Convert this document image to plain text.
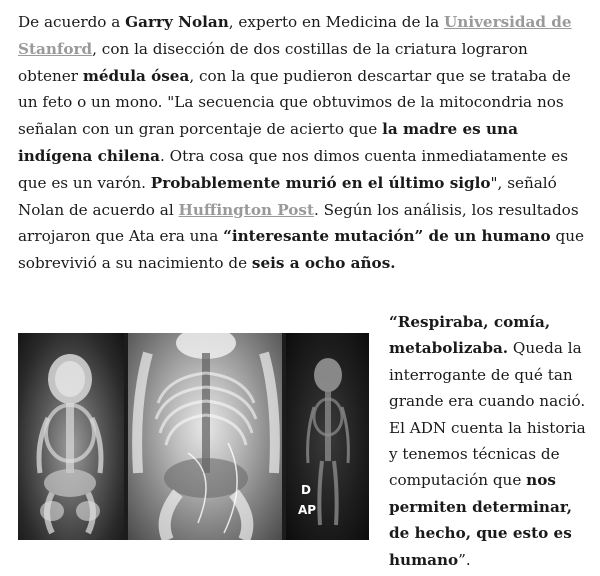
De acuerdo a Garry Nolan, experto en Medicina de la Universidad de Stanford, con la disección de dos costillas de la criatura lograron obtener médula ósea, con la que pudieron descartar que se trataba de un feto o un mono. "La secuencia que obtuvimos de la mitocondria nos señalan con un gran porcentaje de acierto que la madre es una indígena chilena. Otra cosa que nos dimos cuenta inmediatamente es que es un varón. Probablemente murió en el último siglo", señaló Nolan de acuerdo al Huffington Post. Según los análisis, los resultados arrojaron que Ata era una “interesante mutación” de un humano que sobrevivió a su nacimiento de seis a ocho años.

D
AP

“Respiraba, comía, metabolizaba. Queda la interrogante de qué tan grande era cuando nació. El ADN cuenta la historia y tenemos técnicas de computación que nos permiten determinar, de hecho, que esto es humano”.
